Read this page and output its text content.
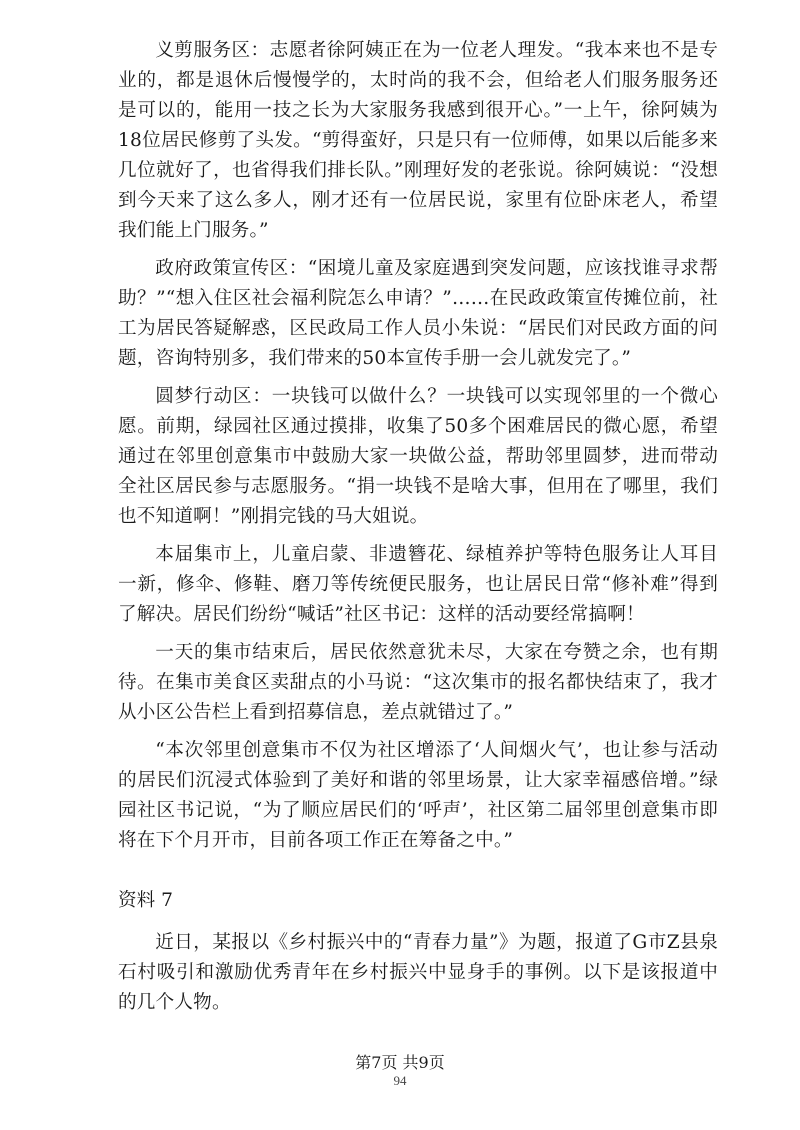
义剪服务区：志愿者徐阿姨正在为一位老人理发。“我本来也不是专业的，都是退休后慢慢学的，太时尚的我不会，但给老人们服务服务还是可以的，能用一技之长为大家服务我感到很开心。”一上午，徐阿姨为18位居民修剪了头发。“剪得蛮好，只是只有一位师傅，如果以后能多来几位就好了，也省得我们排长队。”刚理好发的老张说。徐阿姨说：“没想到今天来了这么多人，刚才还有一位居民说，家里有位卧床老人，希望我们能上门服务。”

政府政策宣传区：“困境儿童及家庭遇到突发问题，应该找谁寻求帮助？”“想入住区社会福利院怎么申请？”……在民政政策宣传摊位前，社工为居民答疑解惑，区民政局工作人员小朱说：“居民们对民政方面的问题，咨询特别多，我们带来的50本宣传手册一会儿就发完了。”

圆梦行动区：一块钱可以做什么？一块钱可以实现邻里的一个微心愿。前期，绿园社区通过摸排，收集了50多个困难居民的微心愿，希望通过在邻里创意集市中鼓励大家一块做公益，帮助邻里圆梦，进而带动全社区居民参与志愿服务。“捐一块钱不是啥大事，但用在了哪里，我们也不知道啊！”刚捐完钱的马大姐说。

本届集市上，儿童启蒙、非遗簪花、绿植养护等特色服务让人耳目一新，修伞、修鞋、磨刀等传统便民服务，也让居民日常“修补难”得到了解决。居民们纷纷“喊话”社区书记：这样的活动要经常搞啊！

一天的集市结束后，居民依然意犹未尽，大家在夸赞之余，也有期待。在集市美食区卖甜点的小马说：“这次集市的报名都快结束了，我才从小区公告栏上看到招募信息，差点就错过了。”

“本次邻里创意集市不仅为社区增添了‘人间烟火气’，也让参与活动的居民们沉浸式体验到了美好和谐的邻里场景，让大家幸福感倍增。”绿园社区书记说，“为了顺应居民们的‘呼声’，社区第二届邻里创意集市即将在下个月开市，目前各项工作正在筹备之中。”

资料 7

近日，某报以《乡村振兴中的“青春力量”》为题，报道了G市Z县泉石村吸引和激励优秀青年在乡村振兴中显身手的事例。以下是该报道中的几个人物。

第7页 共9页
94
